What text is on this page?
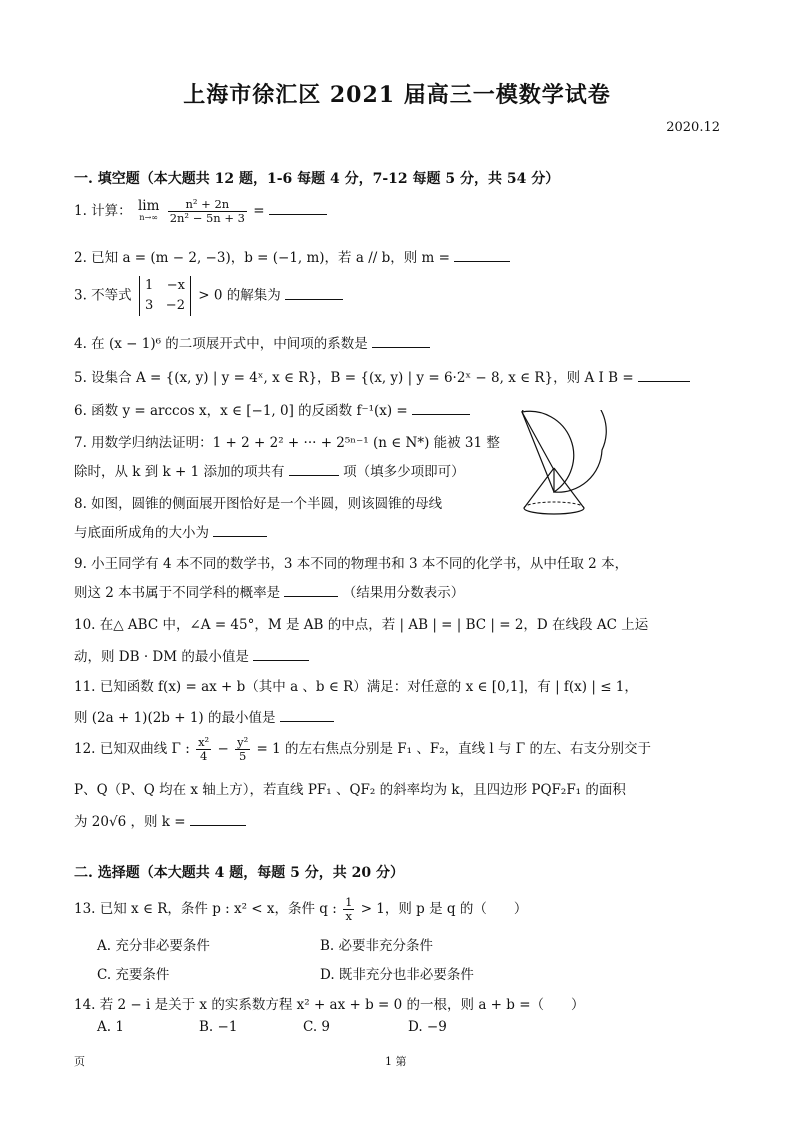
上海市徐汇区 2021 届高三一模数学试卷
2020.12
一. 填空题（本大题共 12 题，1-6 每题 4 分，7-12 每题 5 分，共 54 分）
1. 计算： lim
n→∞
$\frac{\text{n² + 2n}}{\text{2n² − 5n + 3}}$ =
2. 已知 a = (m − 2, −3)，b = (−1, m)，若 a // b，则 m =
3. 不等式
1 −x
3 −2
> 0 的解集为
4. 在 (x − 1)⁶ 的二项展开式中，中间项的系数是
5. 设集合 A = {(x, y) | y = 4ˣ, x ∈ R}，B = {(x, y) | y = 6·2ˣ − 8, x ∈ R}，则 A I B =
6. 函数 y = arccos x，x ∈ [−1, 0] 的反函数 f⁻¹(x) =
7. 用数学归纳法证明：1 + 2 + 2² + ··· + 2⁵ⁿ⁻¹ (n ∈ N*) 能被 31 整
除时，从 k 到 k + 1 添加的项共有	项（填多少项即可）
8. 如图，圆锥的侧面展开图恰好是一个半圆，则该圆锥的母线
与底面所成角的大小为
9. 小王同学有 4 本不同的数学书，3 本不同的物理书和 3 本不同的化学书，从中任取 2 本，
则这 2 本书属于不同学科的概率是	（结果用分数表示）
10. 在△ ABC 中，∠A = 45°，M 是 AB 的中点，若 | AB | = | BC | = 2，D 在线段 AC 上运
动，则 DB · DM 的最小值是
11. 已知函数 f(x) = ax + b（其中 a 、b ∈ R）满足：对任意的 x ∈ [0,1]，有 | f(x) | ≤ 1，
则 (2a + 1)(2b + 1) 的最小值是
12. 已知双曲线 Γ : $\frac{\text{x²}}{4} - \frac{\text{y²}}{5} = 1$ 的左右焦点分别是 F₁ 、F₂，直线 l 与 Γ 的左、右支分别交于
P、Q（P、Q 均在 x 轴上方），若直线 PF₁ 、QF₂ 的斜率均为 k，且四边形 PQF₂F₁ 的面积
为 20√6 ，则 k =
二. 选择题（本大题共 4 题，每题 5 分，共 20 分）
13. 已知 x ∈ R，条件 p : x² < x，条件 q : $\frac{1}{x} > 1$，则 p 是 q 的（　　）
A. 充分非必要条件	B. 必要非充分条件
C. 充要条件	D. 既非充分也非必要条件
14. 若 2 − i 是关于 x 的实系数方程 x² + ax + b = 0 的一根，则 a + b =（　　）
A. 1	B. −1	C. 9	D. −9
页	1 第
